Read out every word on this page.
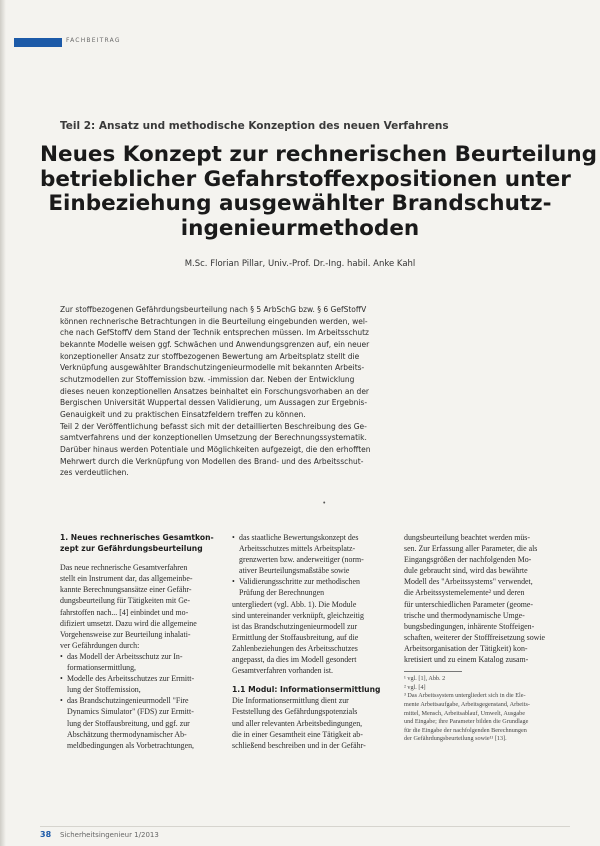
FACHBEITRAG
Teil 2: Ansatz und methodische Konzeption des neuen Verfahrens
Neues Konzept zur rechnerischen Beurteilung
betrieblicher Gefahrstoffexpositionen unter
Einbeziehung ausgewählter Brandschutz-
ingenieurmethoden
M.Sc. Florian Pillar, Univ.-Prof. Dr.-Ing. habil. Anke Kahl
Zur stoffbezogenen Gefährdungsbeurteilung nach § 5 ArbSchG bzw. § 6 GefStoffV
können rechnerische Betrachtungen in die Beurteilung eingebunden werden, wel-
che nach GefStoffV dem Stand der Technik entsprechen müssen. Im Arbeitsschutz
bekannte Modelle weisen ggf. Schwächen und Anwendungsgrenzen auf, ein neuer
konzeptioneller Ansatz zur stoffbezogenen Bewertung am Arbeitsplatz stellt die
Verknüpfung ausgewählter Brandschutzingenieurmodelle mit bekannten Arbeits-
schutzmodellen zur Stoffemission bzw. -immission dar. Neben der Entwicklung
dieses neuen konzeptionellen Ansatzes beinhaltet ein Forschungsvorhaben an der
Bergischen Universität Wuppertal dessen Validierung, um Aussagen zur Ergebnis-
Genauigkeit und zu praktischen Einsatzfeldern treffen zu können.
Teil 2 der Veröffentlichung befasst sich mit der detaillierten Beschreibung des Ge-
samtverfahrens und der konzeptionellen Umsetzung der Berechnungssystematik.
Darüber hinaus werden Potentiale und Möglichkeiten aufgezeigt, die den erhofften
Mehrwert durch die Verknüpfung von Modellen des Brand- und des Arbeitsschut-
zes verdeutlichen.
•
1. Neues rechnerisches Gesamtkon-
zept zur Gefährdungsbeurteilung
Das neue rechnerische Gesamtverfahren
stellt ein Instrument dar, das allgemeinbe-
kannte Berechnungsansätze einer Gefähr-
dungsbeurteilung für Tätigkeiten mit Ge-
fahrstoffen nach... [4] einbindet und mo-
difiziert umsetzt. Dazu wird die allgemeine
Vorgehensweise zur Beurteilung inhalati-
ver Gefährdungen durch:
• das Modell der Arbeitsschutz zur In-
formationsermittlung,
• Modelle des Arbeitsschutzes zur Ermitt-
lung der Stoffemission,
• das Brandschutzingenieurmodell "Fire
Dynamics Simulator" (FDS) zur Ermitt-
lung der Stoffausbreitung, und ggf. zur
Abschätzung thermodynamischer Ab-
meldbedingungen als Vorbetrachtungen,
• das staatliche Bewertungskonzept des
Arbeitsschutzes mittels Arbeitsplatz-
grenzwerten bzw. anderweitiger (norm-
ativer Beurteilungsmaßstäbe sowie
• Validierungsschritte zur methodischen
Prüfung der Berechnungen
untergliedert (vgl. Abb. 1). Die Module
sind untereinander verknüpft, gleichzeitig
ist das Brandschutzingenieurmodell zur
Ermittlung der Stoffausbreitung, auf die
Zahlenbeziehungen des Arbeitsschutzes
angepasst, da dies im Modell gesondert
Gesamtverfahren vorhanden ist.
1.1 Modul: Informationsermittlung
Die Informationsermittlung dient zur
Feststellung des Gefährdungspotenzials
und aller relevanten Arbeitsbedingungen,
die in einer Gesamtheit eine Tätigkeit ab-
schließend beschreiben und in der Gefähr-
dungsbeurteilung beachtet werden müs-
sen. Zur Erfassung aller Parameter, die als
Eingangsgrößen der nachfolgenden Mo-
dule gebraucht sind, wird das bewährte
Modell des "Arbeitssystems" verwendet,
die Arbeitssystemelemente² und deren
für unterschiedlichen Parameter (geome-
trische und thermodynamische Umge-
bungsbedingungen, inhärente Stoffeigen-
schaften, weiterer der Stofffreisetzung sowie
Arbeitsorganisation der Tätigkeit) kon-
kretisiert und zu einem Katalog zusam-
¹ vgl. [1], Abb. 2
² vgl. [4]
³ Das Arbeitssystem untergliedert sich in die Ele-
mente Arbeitsaufgabe, Arbeitsgegenstand, Arbeits-
mittel, Mensch, Arbeitsablauf, Umwelt, Ausgabe
und Eingabe; ihre Parameter bilden die Grundlage
für die Eingabe der nachfolgenden Berechnungen
der Gefährdungsbeurteilung sowie¹¹ [13].
38 Sicherheitsingenieur 1/2013
